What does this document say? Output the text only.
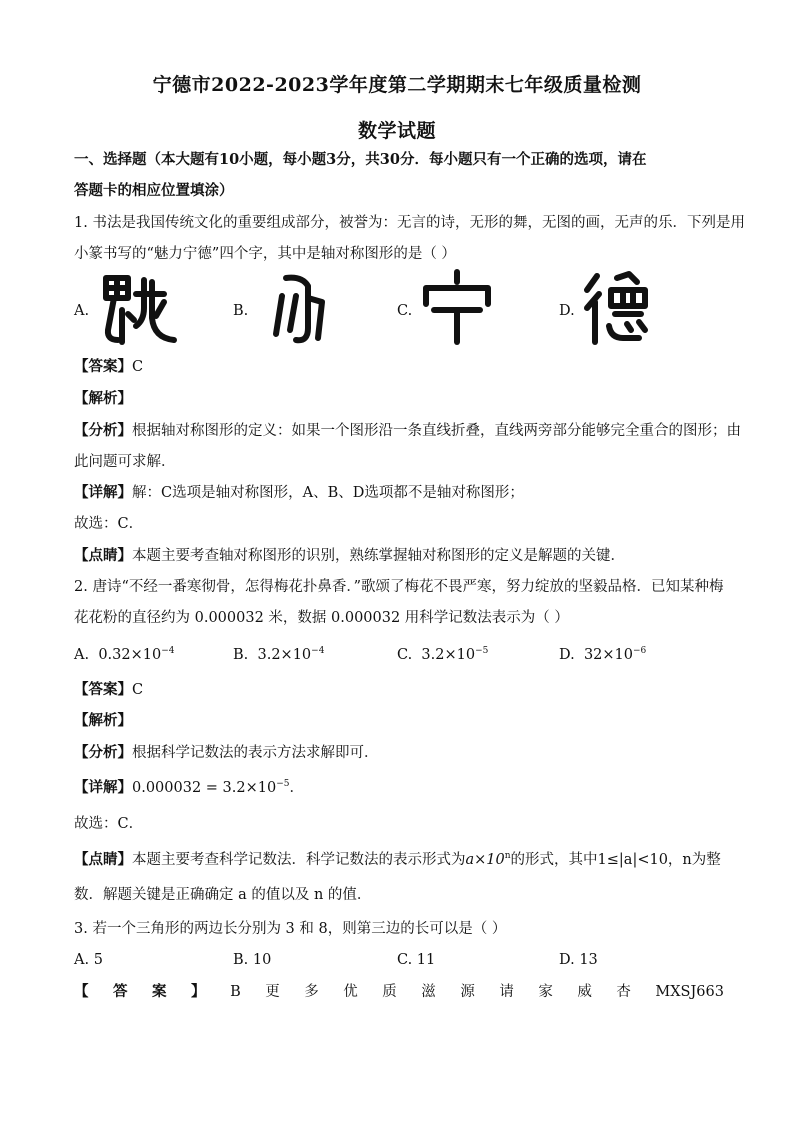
宁德市2022-2023学年度第二学期期末七年级质量检测
数学试题
一、选择题（本大题有10小题，每小题3分，共30分．每小题只有一个正确的选项，请在
答题卡的相应位置填涂）
1. 书法是我国传统文化的重要组成部分，被誉为：无言的诗，无形的舞，无图的画，无声的乐．下列是用
小篆书写的“魅力宁德”四个字，其中是轴对称图形的是（ ）
A.	B.	C.	D.
【答案】C
【解析】
【分析】根据轴对称图形的定义：如果一个图形沿一条直线折叠，直线两旁部分能够完全重合的图形；由
此问题可求解．
【详解】解：C选项是轴对称图形，A、B、D选项都不是轴对称图形；
故选：C．
【点睛】本题主要考查轴对称图形的识别，熟练掌握轴对称图形的定义是解题的关键．
2. 唐诗“不经一番寒彻骨，怎得梅花扑鼻香．”歌颂了梅花不畏严寒，努力绽放的坚毅品格．已知某种梅
花花粉的直径约为 0.000032 米，数据 0.000032 用科学记数法表示为（ ）
A. $0.32\times 10^{-4}$	B. $3.2\times 10^{-4}$	C. $3.2\times 10^{-5}$	D. $32\times 10^{-6}$
【答案】C
【解析】
【分析】根据科学记数法的表示方法求解即可．
【详解】$0.000032 = 3.2\times 10^{-5}$．
故选：C．
【点睛】本题主要考查科学记数法．科学记数法的表示形式为$a\times 10^n$的形式，其中1≤|a|<10，n为整
数．解题关键是正确确定 a 的值以及 n 的值．
3. 若一个三角形的两边长分别为 3 和 8，则第三边的长可以是（ ）
A. 5	B. 10	C. 11	D. 13
【 答 案 】 B 更 多 优 质 滋 源 请 家 威 杏 MXSJ663
